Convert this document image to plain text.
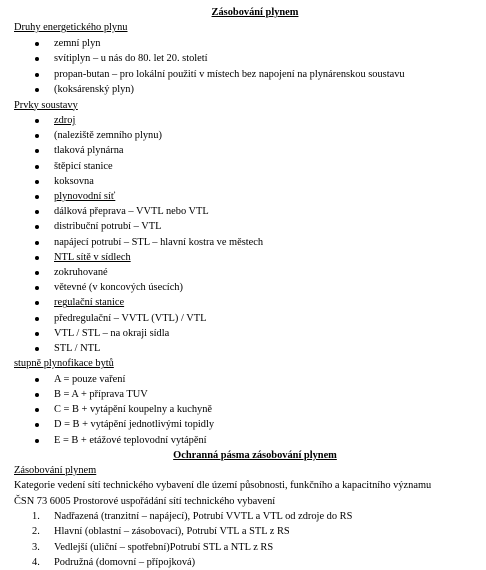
Zásobování plynem

Druhy energetického plynu

zemní plyn
svítiplyn – u nás do 80. let 20. století
propan-butan – pro lokální použití v místech bez napojení na plynárenskou soustavu
(koksárenský plyn)

Prvky soustavy

zdroj
(naleziště zemního plynu)
tlaková plynárna
štěpicí stanice
koksovna
plynovodní síť
dálková přeprava – VVTL nebo VTL
distribuční potrubí – VTL
napájecí potrubí – STL – hlavní kostra ve městech
NTL sítě v sídlech
zokruhované
větevné (v koncových úsecích)
regulační stanice
předregulační – VVTL (VTL) / VTL
VTL / STL – na okraji sídla
STL / NTL

stupně plynofikace bytů

A = pouze vaření
B = A + příprava TUV
C = B + vytápění koupelny a kuchyně
D = B + vytápění jednotlivými topidly
E = B + etážové teplovodní vytápění

Ochranná pásma zásobování plynem

Zásobování plynem

Kategorie vedení sítí technického vybavení dle území působnosti, funkčního a kapacitního významu

ČSN 73 6005 Prostorové uspořádání sítí technického vybavení

1. Nadřazená (tranzitní – napájecí), Potrubí VVTL a VTL od zdroje do RS
2. Hlavní (oblastní – zásobovací), Potrubí VTL a STL z RS
3. Vedlejší (uliční – spotřební)Potrubí STL a NTL z RS
4. Podružná (domovní – přípojková)
